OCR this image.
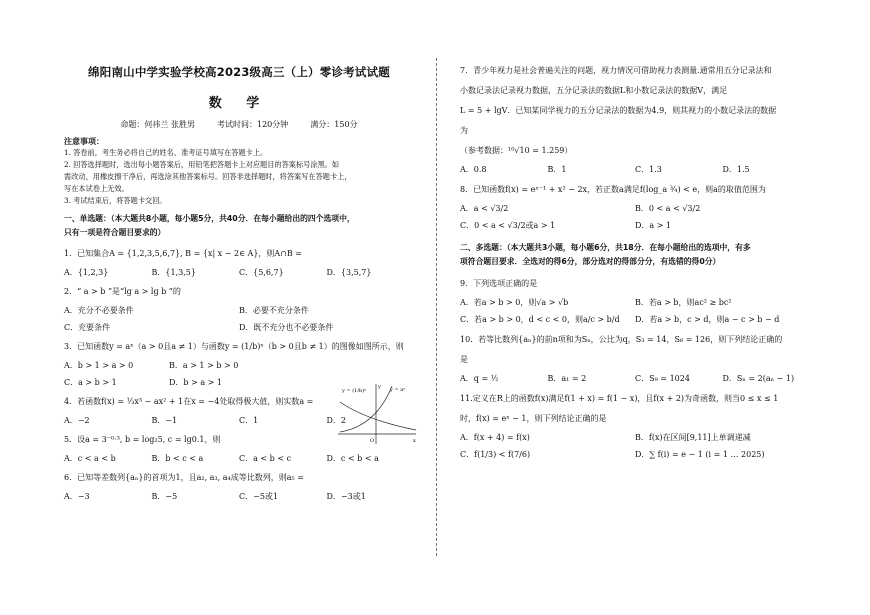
绵阳南山中学实验学校高2023级高三（上）零诊考试试题
数 学
命题：何祎兰 张胜男	考试时间：120分钟	满分：150分
注意事项：
1. 答卷前，考生务必将自己的姓名、准考证号填写在答题卡上。
2. 回答选择题时，选出每小题答案后，用铅笔把答题卡上对应题目的答案标号涂黑。如
需改动，用橡皮擦干净后，再选涂其他答案标号。回答非选择题时，将答案写在答题卡上，
写在本试卷上无效。
3. 考试结束后，将答题卡交回。
一、单选题：（本大题共8小题，每小题5分，共40分．在每小题给出的四个选项中，
只有一项是符合题目要求的）
1．已知集合A = {1,2,3,5,6,7}, B = {x| x − 2∈ A}，则A∩B =
A．{1,2,3}	B．{1,3,5}	C．{5,6,7}	D．{3,5,7}
2．“ a > b ”是“lg a > lg b ”的
A．充分不必要条件	B．必要不充分条件
C．充要条件	D．既不充分也不必要条件
3．已知函数y = aˣ（a > 0且a ≠ 1）与函数y = (1/b)ˣ（b > 0且b ≠ 1）的图像如图所示，则
A．b > 1 > a > 0	B．a > 1 > b > 0
C．a > b > 1	D．b > a > 1
4．若函数f(x) = ⅓x³ − ax² + 1在x = −4处取得极大值，则实数a =
A．−2	B．−1	C．1	D．2
5．设a = 3⁻⁰·³, b = log₂5, c = lg0.1，则
A．c < a < b	B．b < c < a	C．a < b < c	D．c < b < a
6．已知等差数列{aₙ}的首项为1，且a₂, a₃, a₄成等比数列，则a₅ =
A．−3	B．−5	C．−5或1	D．−3或1
y = (1/b)ˣ	y = aˣ
O	x
y
7．青少年视力是社会普遍关注的问题，视力情况可借助视力表测量.通常用五分记录法和
小数记录法记录视力数据，五分记录法的数据L和小数记录法的数据V，满足
L = 5 + lgV．已知某同学视力的五分记录法的数据为4.9，则其视力的小数记录法的数据
为
（参考数据：¹⁰√10 = 1.259）
A．0.8	B．1	C．1.3	D．1.5
8．已知函数f(x) = eˣ⁻¹ + x² − 2x，若正数a满足f(log_a ¾) < e，则a的取值范围为
A．a < √3/2	B．0 < a < √3/2
C．0 < a < √3/2或a > 1	D．a > 1
二、多选题：（本大题共3小题，每小题6分，共18分．在每小题给出的选项中，有多
项符合题目要求．全选对的得6分，部分选对的得部分分，有选错的得0分）
9．下列选项正确的是
A．若a > b > 0，则√a > √b	B．若a > b，则ac² ≥ bc²
C．若a > b > 0，d < c < 0，则a/c > b/d	D．若a > b，c > d，则a − c > b − d
10．若等比数列{aₙ}的前n项和为Sₙ，公比为q，S₃ = 14，S₆ = 126，则下列结论正确的
是
A．q = ½	B．a₁ = 2	C．S₉ = 1024	D．Sₙ = 2(aₙ − 1)
11.定义在R上的函数f(x)满足f(1 + x) = f(1 − x)，且f(x + 2)为奇函数，则当0 ≤ x ≤ 1
时，f(x) = eˣ − 1，则下列结论正确的是
A．f(x + 4) = f(x)	B．f(x)在区间[9,11]上单调递减
C．f(1/3) < f(7/6)	D．∑ f(i) = e − 1 (i = 1 … 2025)
